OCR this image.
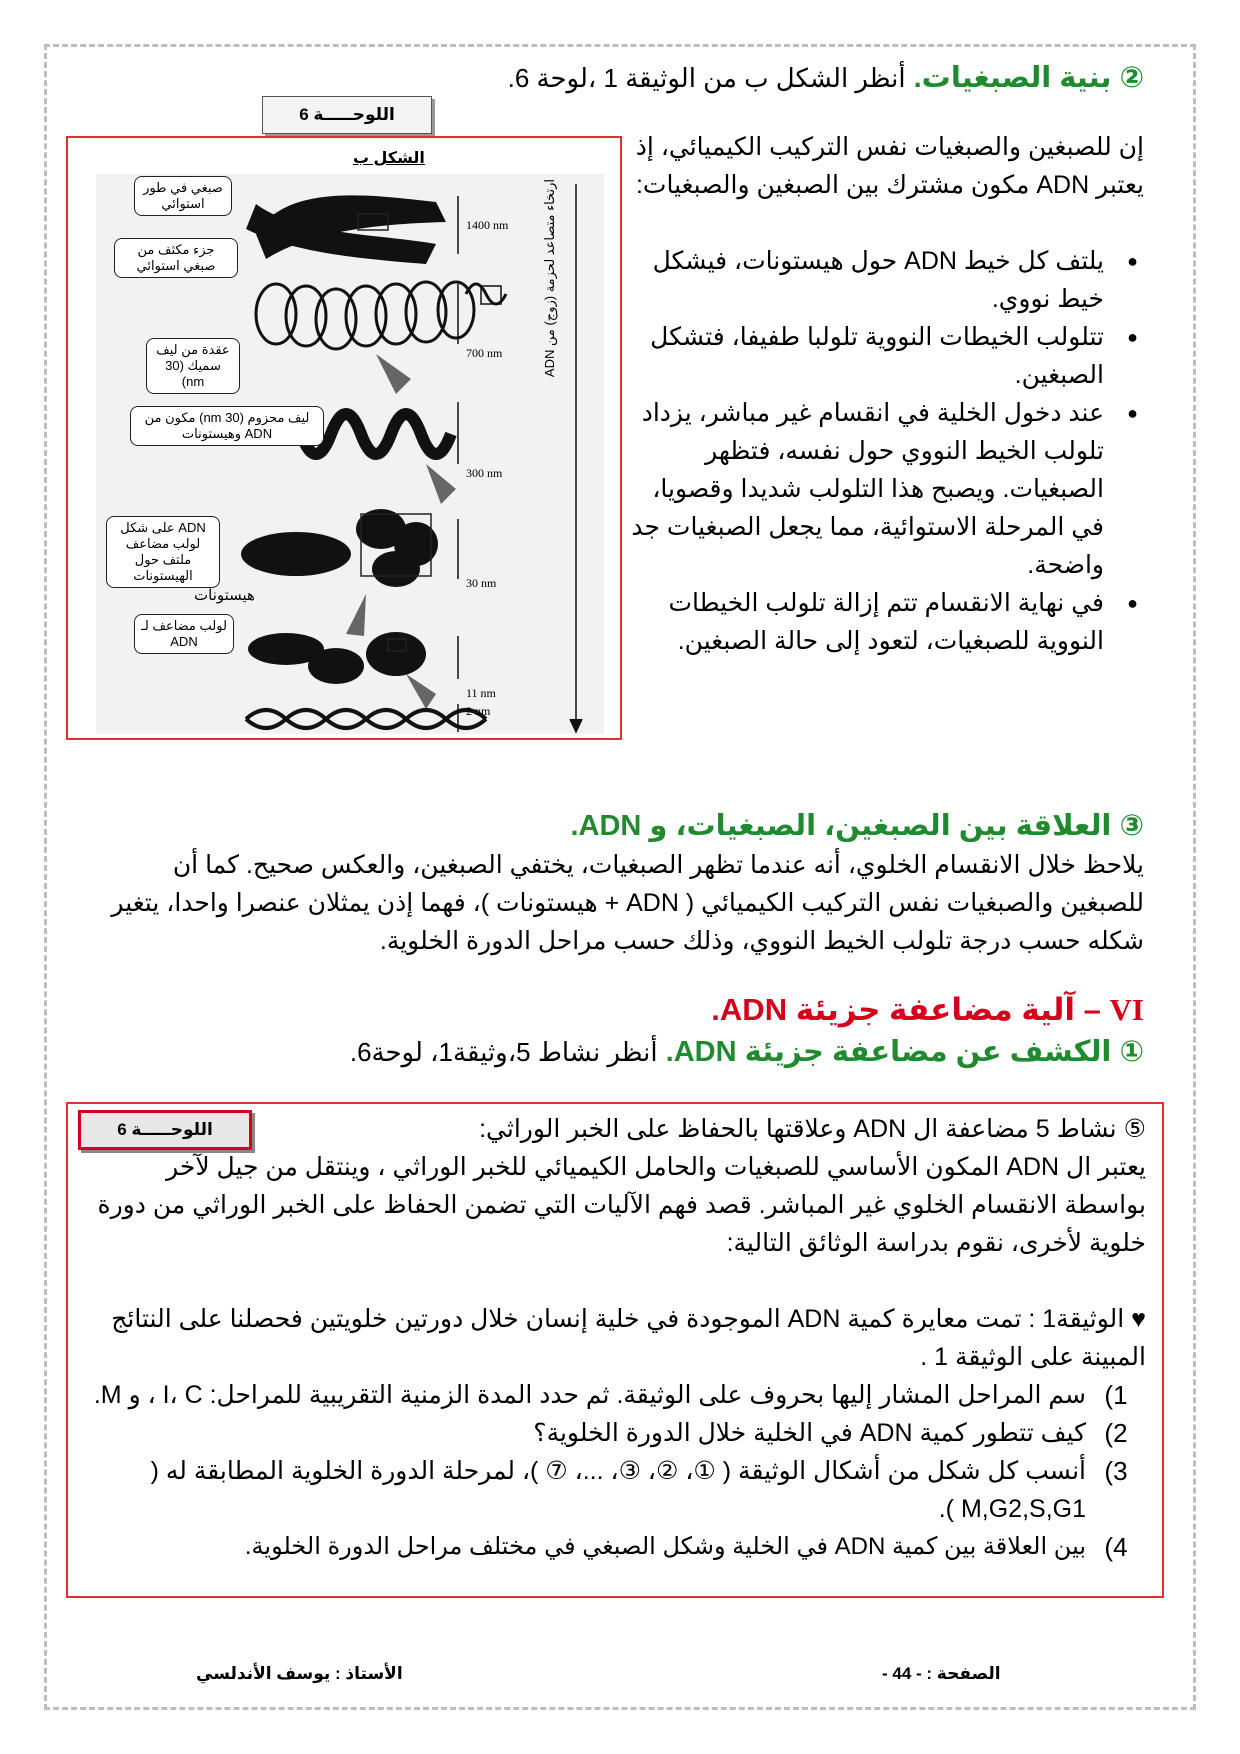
② بنية الصبغيات. أنظر الشكل ب من الوثيقة 1 ،لوحة 6.
اللوحـــــة 6
الشكل ب
صبغي في طور استوائي
جزء مكثف من صبغي استوائي
عقدة من ليف سميك (30 nm)
ليف محزوم (30 nm) مكون من ADN وهيستونات
ADN على شكل لولب مضاعف ملتف حول الهيستونات
هيستونات
لولب مضاعف لـ ADN
1400 nm
700 nm
300 nm
30 nm
11 nm
2 nm
ارتخاء متصاعد لحزمة (زوج) من ADN

إن للصبغين والصبغيات نفس التركيب الكيميائي، إذ يعتبر ADN مكون مشترك بين الصبغين والصبغيات:

● يلتف كل خيط ADN حول هيستونات، فيشكل خيط نووي.
● تتلولب الخيطات النووية تلولبا طفيفا، فتشكل الصبغين.
● عند دخول الخلية في انقسام غير مباشر، يزداد تلولب الخيط النووي حول نفسه، فتظهر الصبغيات. ويصبح هذا التلولب شديدا وقصويا، في المرحلة الاستوائية، مما يجعل الصبغيات جد واضحة.
● في نهاية الانقسام تتم إزالة تلولب الخيطات النووية للصبغيات، لتعود إلى حالة الصبغين.
③ العلاقة بين الصبغين، الصبغيات، و ADN.

يلاحظ خلال الانقسام الخلوي، أنه عندما تظهر الصبغيات، يختفي الصبغين، والعكس صحيح. كما أن للصبغين والصبغيات نفس التركيب الكيميائي ( ADN + هيستونات )، فهما إذن يمثلان عنصرا واحدا، يتغير شكله حسب درجة تلولب الخيط النووي، وذلك حسب مراحل الدورة الخلوية.

VI – آلية مضاعفة جزيئة ADN.
① الكشف عن مضاعفة جزيئة ADN. أنظر نشاط 5،وثيقة1، لوحة6.
اللوحـــــة 6	⑤ نشاط 5 مضاعفة ال ADN وعلاقتها بالحفاظ على الخبر الوراثي:

يعتبر ال ADN المكون الأساسي للصبغيات والحامل الكيميائي للخبر الوراثي ، وينتقل من جيل لآخر بواسطة الانقسام الخلوي غير المباشر. قصد فهم الآليات التي تضمن الحفاظ على الخبر الوراثي من دورة خلوية لأخرى، نقوم بدراسة الوثائق التالية:

♥ الوثيقة1 : تمت معايرة كمية ADN الموجودة في خلية إنسان خلال دورتين خلويتين فحصلنا على النتائج المبينة على الوثيقة 1 .

1)
سم المراحل المشار إليها بحروف على الوثيقة. ثم حدد المدة الزمنية التقريبية للمراحل: I، C ، و M.
2)
كيف تتطور كمية ADN في الخلية خلال الدورة الخلوية؟
3)
أنسب كل شكل من أشكال الوثيقة ( ①، ②، ③، ...، ⑦ )، لمرحلة الدورة الخلوية المطابقة له ( M,G2,S,G1 ).
4)
بين العلاقة بين كمية ADN في الخلية وشكل الصبغي في مختلف مراحل الدورة الخلوية.
الصفحة : - 44 -
الأستاذ : يوسف الأندلسي
